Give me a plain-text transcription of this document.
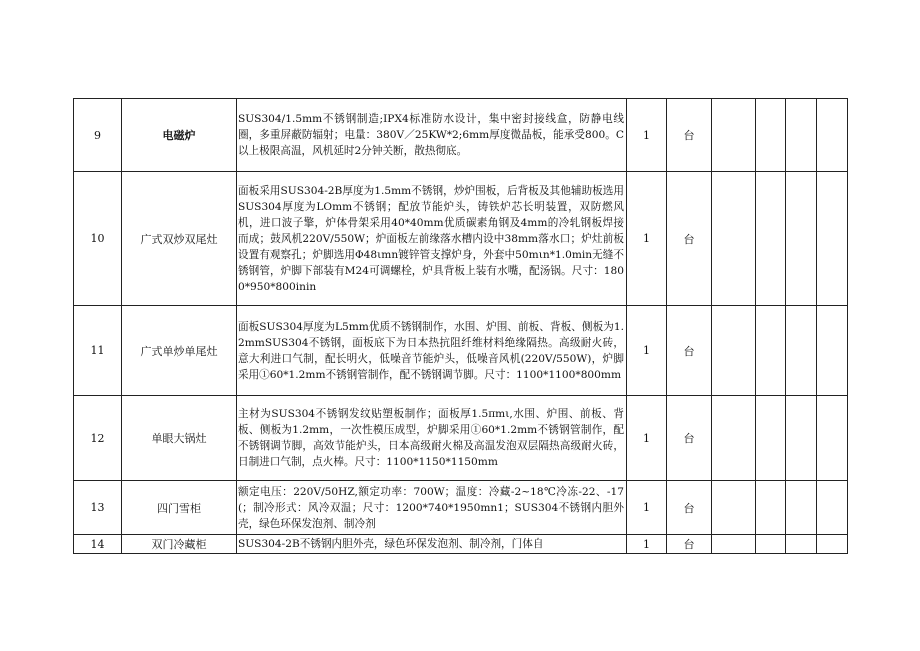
9	电磁炉	SUS304/1.5mm不锈钢制造;IPX4标准防水设计，集中密封接线盒，防静电线圈，多重屏蔽防辐射；电量：380V／25KW*2;6mm厚度微晶板，能承受800。C以上极限高温，风机延时2分钟关断，散热彻底。	1	台				
10	广式双炒双尾灶	面板采用SUS304-2B厚度为1.5mm不锈钢，炒炉围板，后背板及其他辅助板选用SUS304厚度为LOmm不锈钢；配放节能炉头，铸铁炉芯长明装置，双防燃风机，进口波子擎，炉体骨架采用40*40mm优质碳素角钢及4mm的冷轧钢板焊接而成；鼓风机220V/550W；炉面板左前缘落水槽内设中38mm落水口；炉灶前板设置有观察孔；炉脚选用Φ48ιmn镀锌管支撑炉身，外套中50mιn*1.0min无缝不锈钢管，炉脚下部装有M24可调螺栓，炉具背板上装有水嘴，配汤锅。尺寸：1800*950*800inin	1	台				
11	广式单炒单尾灶	面板SUS304厚度为L5mm优质不锈钢制作，水围、炉围、前板、背板、侧板为1.2mmSUS304不锈钢，面板底下为日本热抗阻纤维材料绝缘隔热。高级耐火砖，意大利进口气制，配长明火，低噪音节能炉头，低噪音风机(220V/550W)，炉脚采用①60*1.2mm不锈钢管制作，配不锈钢调节脚。尺寸：1100*1100*800mm	1	台				
12	单眼大锅灶	主材为SUS304不锈钢发纹贴塑板制作；面板厚1.5πmι,水围、炉围、前板、背板、侧板为1.2mm，一次性模压成型，炉脚采用①60*1.2mm不锈钢管制作，配不锈钢调节脚，高效节能炉头，日本高级耐火棉及高温发泡双层隔热高级耐火砖，日制进口气制，点火棒。尺寸：1100*1150*1150mm	1	台				
13	四门雪柜	额定电压：220V/50HZ,额定功率：700W；温度：冷藏-2~18℃冷冻-22、-17(；制冷形式：风冷双温；尺寸：1200*740*1950mn1；SUS304不锈钢内胆外壳，绿色环保发泡剂、制冷剂	1	台				
14	双门冷藏柜	SUS304-2B不锈钢内胆外壳，绿色环保发泡剂、制冷剂，门体自	1	台				
